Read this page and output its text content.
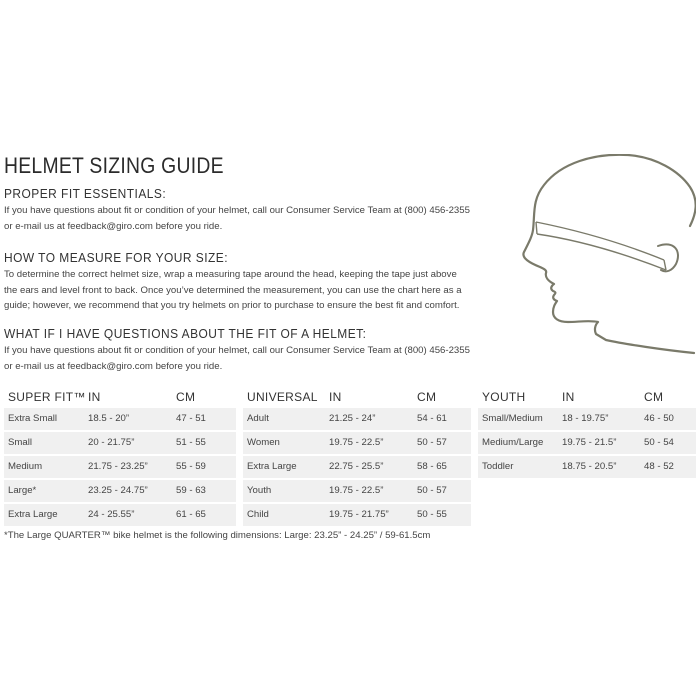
HELMET SIZING GUIDE
PROPER FIT ESSENTIALS:

If you have questions about fit or condition of your helmet, call our Consumer Service Team at (800) 456-2355 or e-mail us at feedback@giro.com before you ride.

HOW TO MEASURE FOR YOUR SIZE:

To determine the correct helmet size, wrap a measuring tape around the head, keeping the tape just above the ears and level front to back. Once you’ve determined the measurement, you can use the chart here as a guide; however, we recommend that you try helmets on prior to purchase to ensure the best fit and comfort.

WHAT IF I HAVE QUESTIONS ABOUT THE FIT OF A HELMET:

If you have questions about fit or condition of your helmet, call our Consumer Service Team at (800) 456-2355 or e-mail us at feedback@giro.com before you ride.

SUPER FIT™ IN	CM
Extra Small	18.5 - 20”	47 - 51
Small	20 - 21.75”	51 - 55
Medium	21.75 - 23.25”	55 - 59
Large*	23.25 - 24.75”	59 - 63
Extra Large	24 - 25.55”	61 - 65
UNIVERSAL IN	CM
Adult	21.25 - 24”	54 - 61
Women	19.75 - 22.5”	50 - 57
Extra Large	22.75 - 25.5”	58 - 65
Youth	19.75 - 22.5”	50 - 57
Child	19.75 - 21.75”	50 - 55
YOUTH	IN	CM
Small/Medium 18 - 19.75”	46 - 50
Medium/Large 19.75 - 21.5”	50 - 54
Toddler	18.75 - 20.5”	48 - 52

*The Large QUARTER™ bike helmet is the following dimensions: Large: 23.25” - 24.25” / 59-61.5cm
